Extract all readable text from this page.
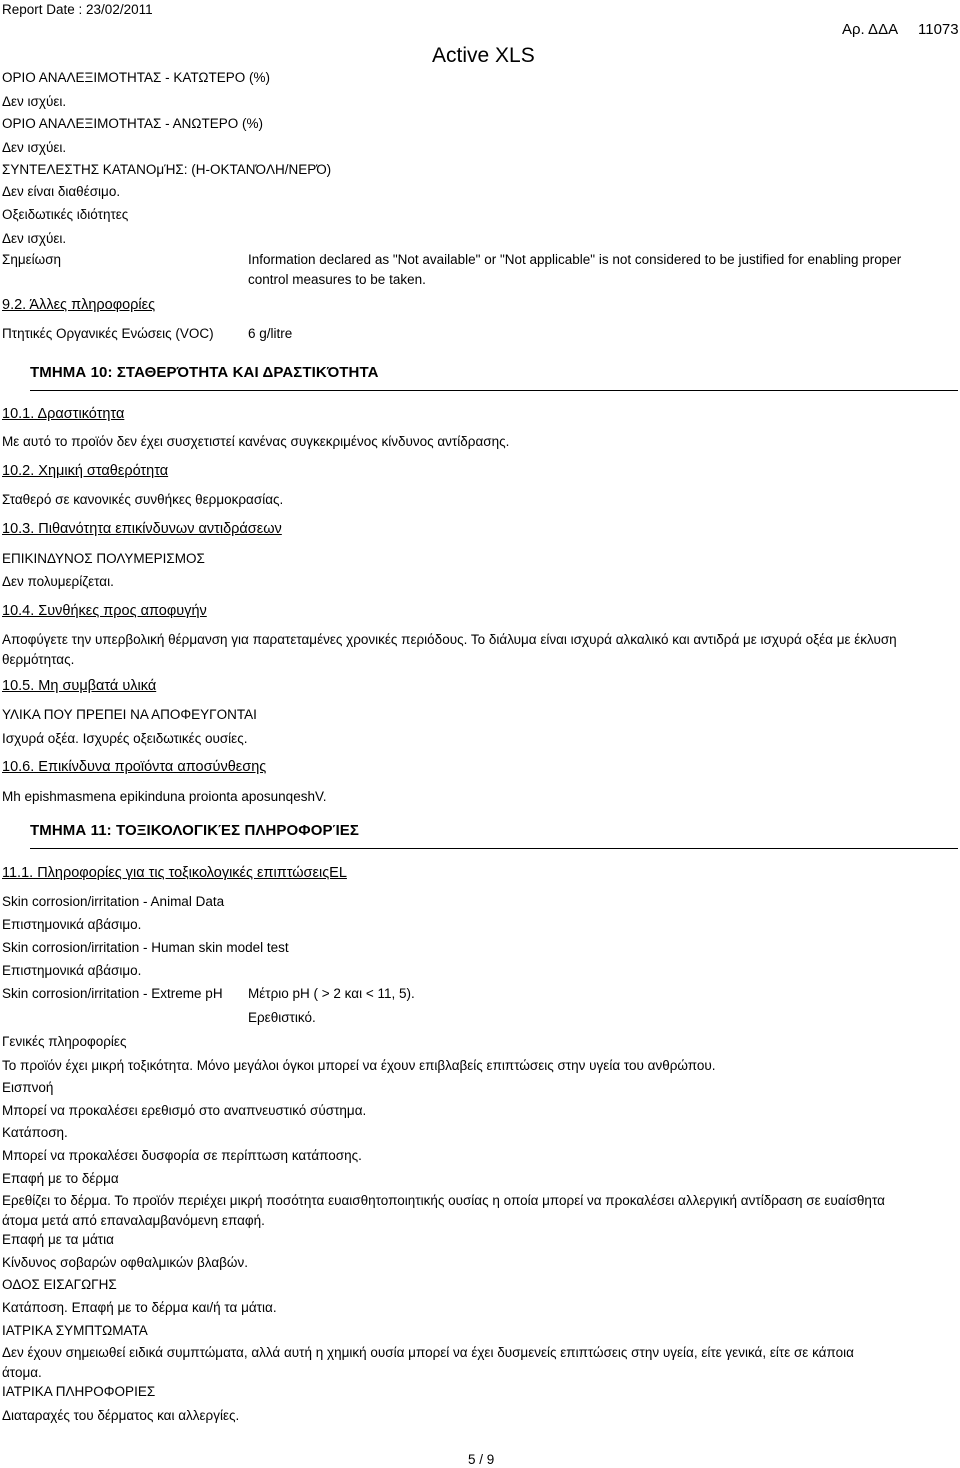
Report Date : 23/02/2011
Active XLS
Αρ. ΔΔΑ 11073
ΟΡΙΟ ΑΝΑΛΕΞΙΜΟΤΗΤΑΣ - ΚΑΤΩΤΕΡΟ (%)
Δεν ισχύει.
ΟΡΙΟ ΑΝΑΛΕΞΙΜΟΤΗΤΑΣ - ΑΝΩΤΕΡΟ (%)
Δεν ισχύει.
ΣΥΝΤΕΛΕΣΤΗΣ ΚΑΤΑΝΟμΉΣ: (Η-ΟΚΤΑΝΌΛΗ/ΝΕΡΌ)
Δεν είναι διαθέσιμο.
Οξειδωτικές ιδιότητες
Δεν ισχύει.
Σημείωση	Information declared as "Not available" or "Not applicable" is not considered to be justified for enabling proper control measures to be taken.
9.2. Άλλες πληροφορίες
Πτητικές Οργανικές Ενώσεις (VOC)	6 g/litre
ΤΜΗΜΑ 10: ΣΤΑΘΕΡΌΤΗΤΑ ΚΑΙ ΔΡΑΣΤΙΚΌΤΗΤΑ
10.1. Δραστικότητα
Με αυτό το προϊόν δεν έχει συσχετιστεί κανένας συγκεκριμένος κίνδυνος αντίδρασης.
10.2. Χημική σταθερότητα
Σταθερό σε κανονικές συνθήκες θερμοκρασίας.
10.3. Πιθανότητα επικίνδυνων αντιδράσεων
ΕΠΙΚΙΝΔΥΝΟΣ ΠΟΛΥΜΕΡΙΣΜΟΣ
Δεν πολυμερίζεται.
10.4. Συνθήκες προς αποφυγήν
Αποφύγετε την υπερβολική θέρμανση για παρατεταμένες χρονικές περιόδους. Το διάλυμα είναι ισχυρά αλκαλικό και αντιδρά με ισχυρά οξέα με έκλυση θερμότητας.
10.5. Μη συμβατά υλικά
ΥΛΙΚΑ ΠΟΥ ΠΡΕΠΕΙ ΝΑ ΑΠΟΦΕΥΓΟΝΤΑΙ
Ισχυρά οξέα. Ισχυρές οξειδωτικές ουσίες.
10.6. Επικίνδυνα προϊόντα αποσύνθεσης
Mh epishmasmena epikinduna proionta aposunqeshV.
ΤΜΗΜΑ 11: ΤΟΞΙΚΟΛΟΓΙΚΈΣ ΠΛΗΡΟΦΟΡΊΕΣ
11.1. Πληροφορίες για τις τοξικολογικές επιπτώσειςEL
Skin corrosion/irritation - Animal Data
Επιστημονικά αβάσιμο.
Skin corrosion/irritation - Human skin model test
Επιστημονικά αβάσιμο.
Skin corrosion/irritation - Extreme pH Μέτριο pH ( > 2 και < 11, 5).
Ερεθιστικό.
Γενικές πληροφορίες
Το προϊόν έχει μικρή τοξικότητα. Μόνο μεγάλοι όγκοι μπορεί να έχουν επιβλαβείς επιπτώσεις στην υγεία του ανθρώπου.
Εισπνοή
Μπορεί να προκαλέσει ερεθισμό στο αναπνευστικό σύστημα.
Κατάποση.
Μπορεί να προκαλέσει δυσφορία σε περίπτωση κατάποσης.
Επαφή με το δέρμα
Ερεθίζει το δέρμα. Το προϊόν περιέχει μικρή ποσότητα ευαισθητοποιητικής ουσίας η οποία μπορεί να προκαλέσει αλλεργική αντίδραση σε ευαίσθητα άτομα μετά από επαναλαμβανόμενη επαφή.
Επαφή με τα μάτια
Κίνδυνος σοβαρών οφθαλμικών βλαβών.
ΟΔΟΣ ΕΙΣΑΓΩΓΗΣ
Κατάποση. Επαφή με το δέρμα και/ή τα μάτια.
ΙΑΤΡΙΚΑ ΣΥΜΠΤΩΜΑΤΑ
Δεν έχουν σημειωθεί ειδικά συμπτώματα, αλλά αυτή η χημική ουσία μπορεί να έχει δυσμενείς επιπτώσεις στην υγεία, είτε γενικά, είτε σε κάποια άτομα.
ΙΑΤΡΙΚΑ ΠΛΗΡΟΦΟΡΙΕΣ
Διαταραχές του δέρματος και αλλεργίες.
5 / 9
